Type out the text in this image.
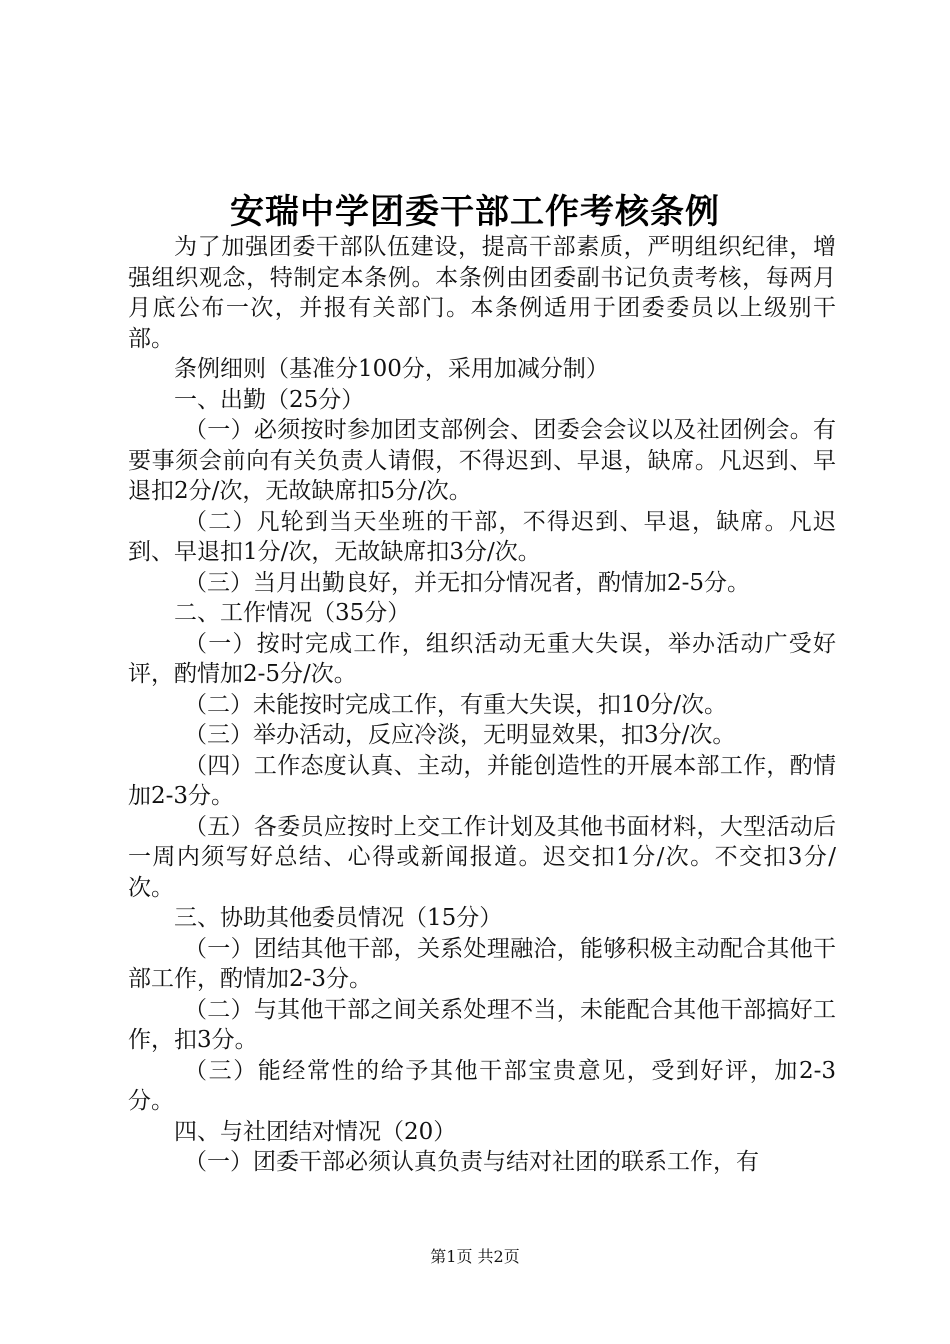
安瑞中学团委干部工作考核条例

为了加强团委干部队伍建设，提高干部素质，严明组织纪律，增强组织观念，特制定本条例。本条例由团委副书记负责考核，每两月月底公布一次，并报有关部门。本条例适用于团委委员以上级别干部。

条例细则（基准分100分，采用加减分制）

一、出勤（25分）

（一）必须按时参加团支部例会、团委会会议以及社团例会。有要事须会前向有关负责人请假，不得迟到、早退，缺席。凡迟到、早退扣2分/次，无故缺席扣5分/次。

（二）凡轮到当天坐班的干部，不得迟到、早退，缺席。凡迟到、早退扣1分/次，无故缺席扣3分/次。

（三）当月出勤良好，并无扣分情况者，酌情加2-5分。

二、工作情况（35分）

（一）按时完成工作，组织活动无重大失误，举办活动广受好评，酌情加2-5分/次。

（二）未能按时完成工作，有重大失误，扣10分/次。

（三）举办活动，反应冷淡，无明显效果，扣3分/次。

（四）工作态度认真、主动，并能创造性的开展本部工作，酌情加2-3分。

（五）各委员应按时上交工作计划及其他书面材料，大型活动后一周内须写好总结、心得或新闻报道。迟交扣1分/次。不交扣3分/次。

三、协助其他委员情况（15分）

（一）团结其他干部，关系处理融洽，能够积极主动配合其他干部工作，酌情加2-3分。

（二）与其他干部之间关系处理不当，未能配合其他干部搞好工作，扣3分。

（三）能经常性的给予其他干部宝贵意见，受到好评，加2-3分。

四、与社团结对情况（20）

（一）团委干部必须认真负责与结对社团的联系工作，有

第1页 共2页
